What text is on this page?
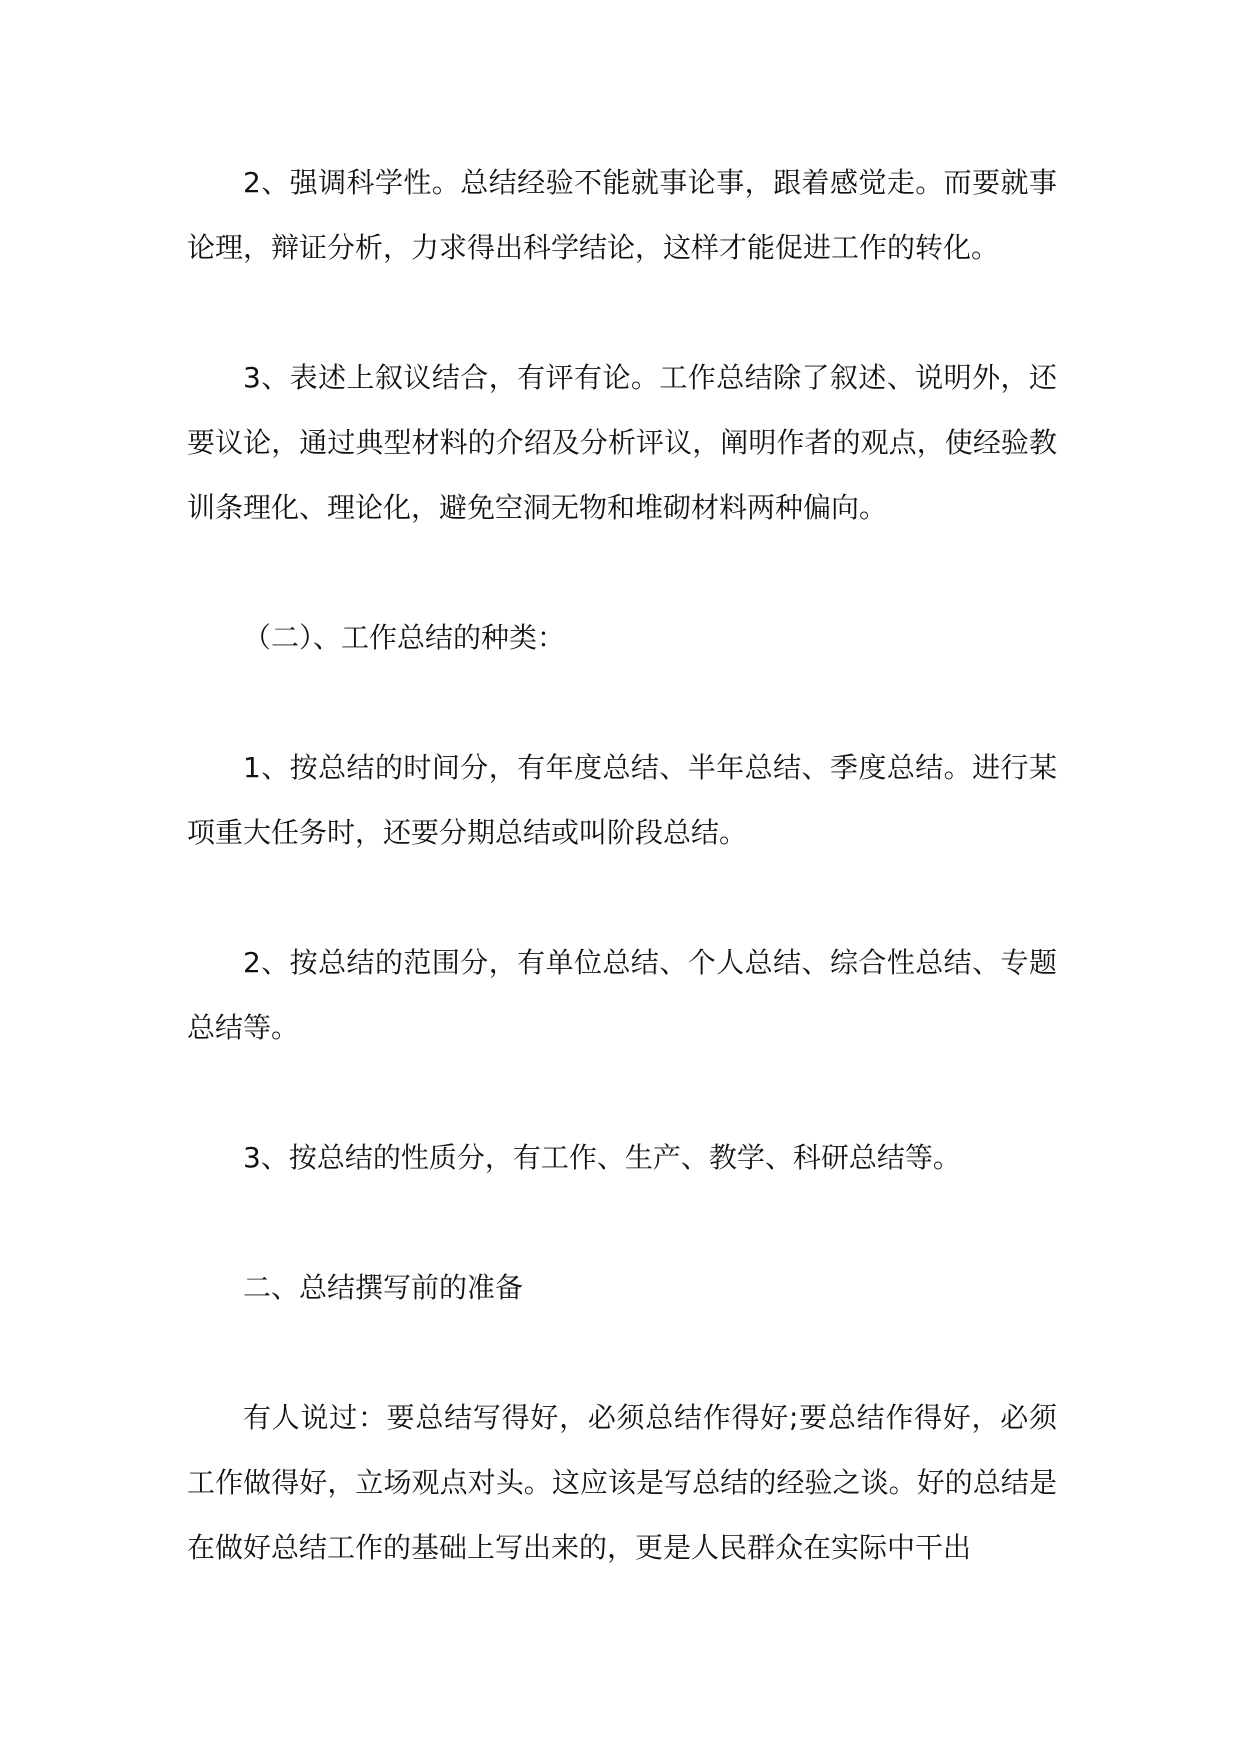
2、强调科学性。总结经验不能就事论事，跟着感觉走。而要就事论理，辩证分析，力求得出科学结论，这样才能促进工作的转化。

3、表述上叙议结合，有评有论。工作总结除了叙述、说明外，还要议论，通过典型材料的介绍及分析评议，阐明作者的观点，使经验教训条理化、理论化，避免空洞无物和堆砌材料两种偏向。

（二）、工作总结的种类：

1、按总结的时间分，有年度总结、半年总结、季度总结。进行某项重大任务时，还要分期总结或叫阶段总结。

2、按总结的范围分，有单位总结、个人总结、综合性总结、专题总结等。

3、按总结的性质分，有工作、生产、教学、科研总结等。

二、总结撰写前的准备

有人说过：要总结写得好，必须总结作得好;要总结作得好，必须工作做得好，立场观点对头。这应该是写总结的经验之谈。好的总结是在做好总结工作的基础上写出来的，更是人民群众在实际中干出
